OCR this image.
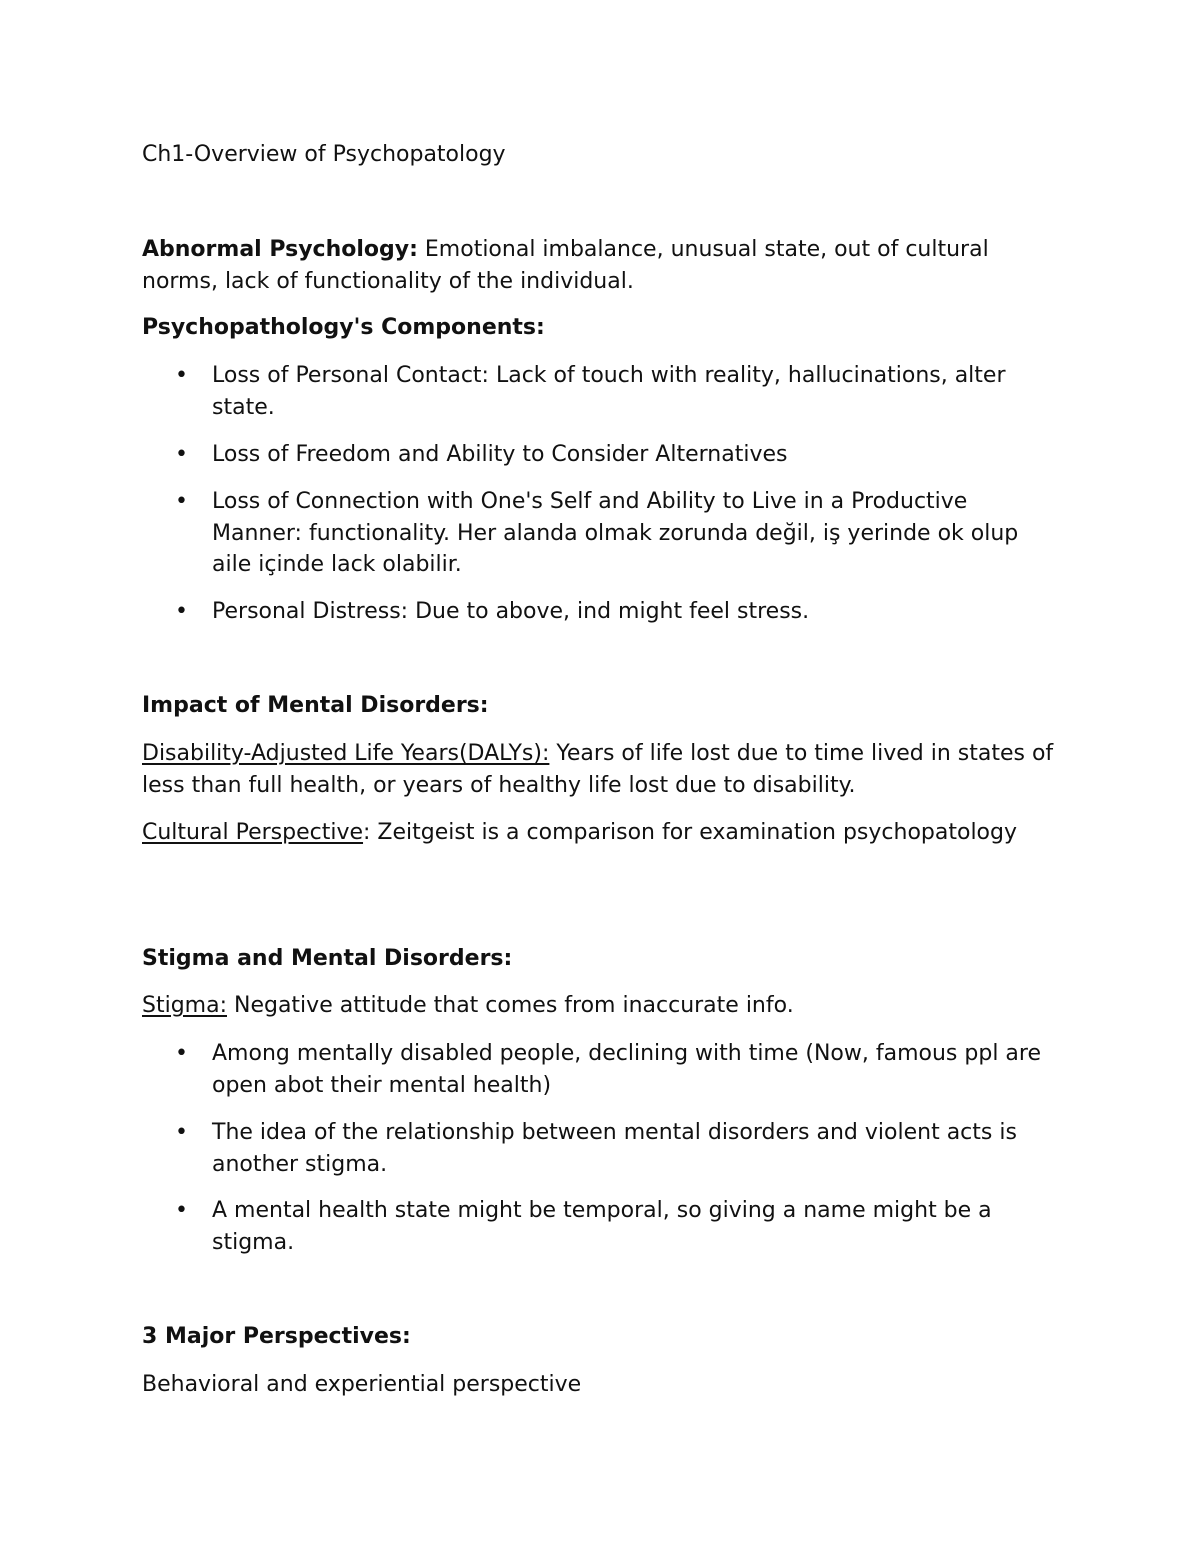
Ch1-Overview of Psychopatology

Abnormal Psychology: Emotional imbalance, unusual state, out of cultural norms, lack of functionality of the individual.

Psychopathology's Components:

• Loss of Personal Contact: Lack of touch with reality, hallucinations, alter state.
• Loss of Freedom and Ability to Consider Alternatives
• Loss of Connection with One's Self and Ability to Live in a Productive Manner: functionality. Her alanda olmak zorunda değil, iş yerinde ok olup aile içinde lack olabilir.
• Personal Distress: Due to above, ind might feel stress.

Impact of Mental Disorders:

Disability-Adjusted Life Years(DALYs): Years of life lost due to time lived in states of less than full health, or years of healthy life lost due to disability.

Cultural Perspective: Zeitgeist is a comparison for examination psychopatology

Stigma and Mental Disorders:

Stigma: Negative attitude that comes from inaccurate info.

• Among mentally disabled people, declining with time (Now, famous ppl are open abot their mental health)
• The idea of the relationship between mental disorders and violent acts is another stigma.
• A mental health state might be temporal, so giving a name might be a stigma.

3 Major Perspectives:

Behavioral and experiential perspective
